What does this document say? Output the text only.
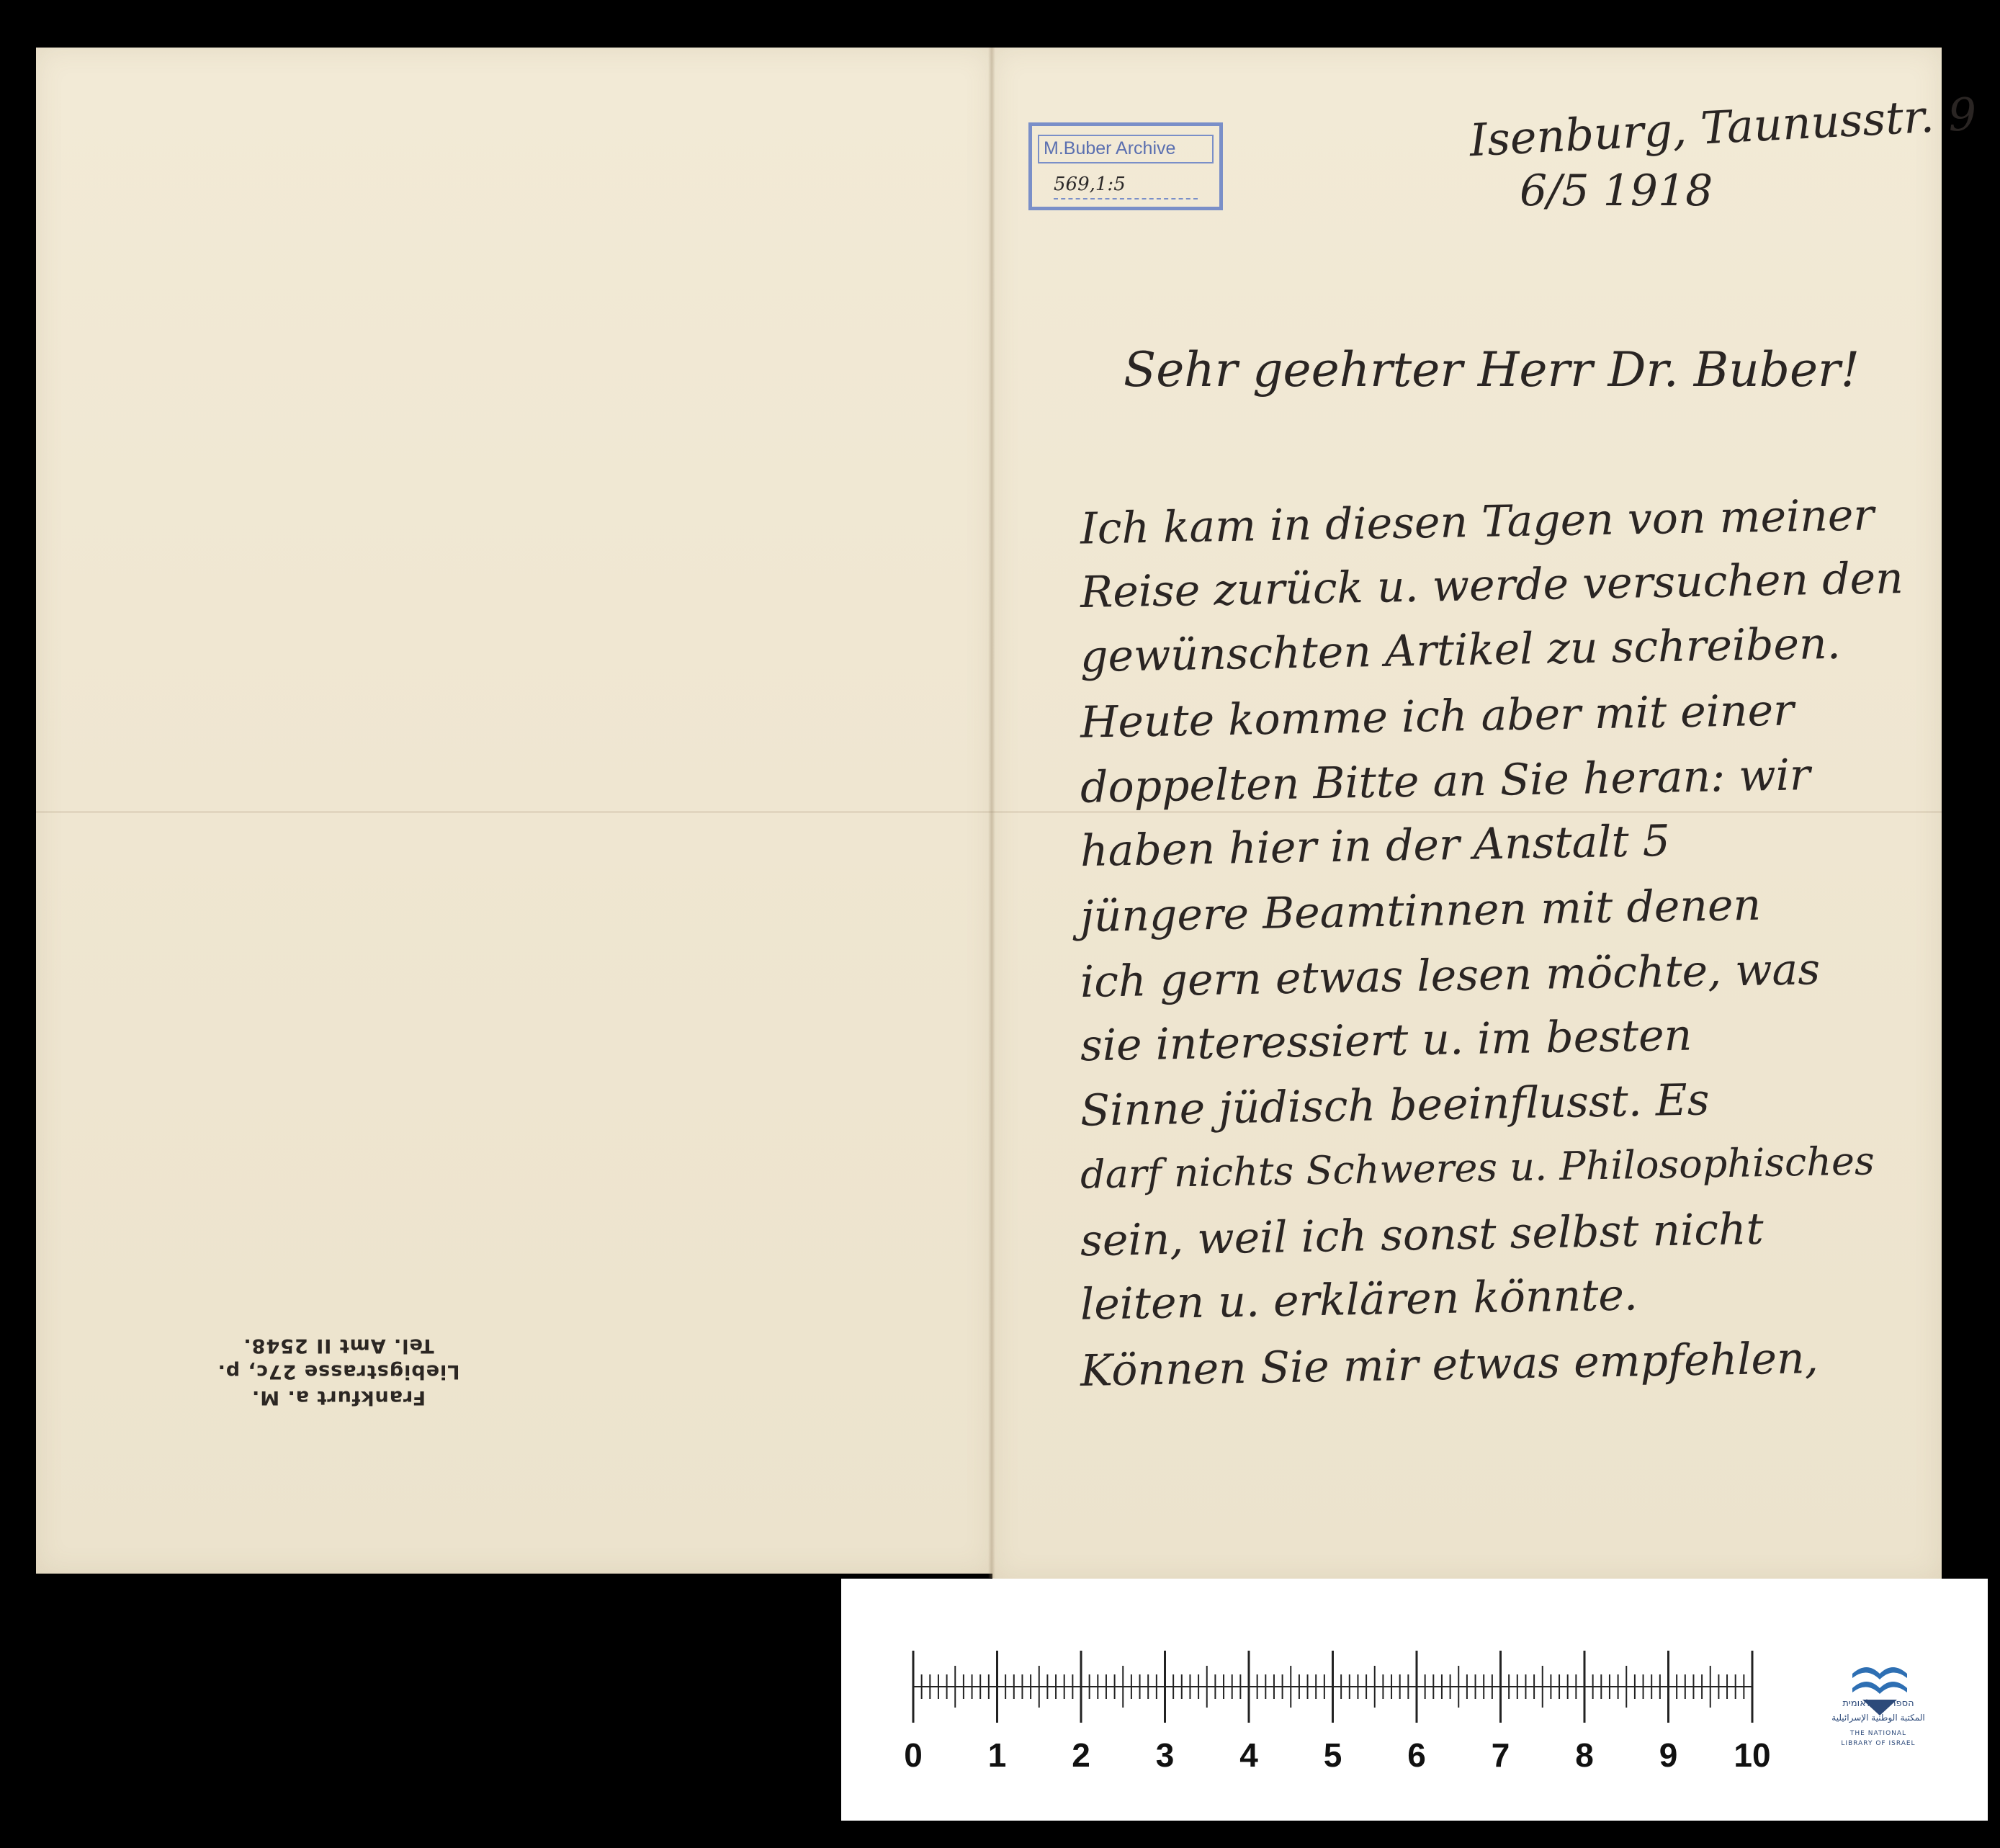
Frankfurt a. M.
Liebigstrasse 27c, p.
Tel. Amt II 2548.
M.Buber Archive
569,1:5
Isenburg, Taunusstr. 9
6/5 1918
Sehr geehrter Herr Dr. Buber!
Ich kam in diesen Tagen von meiner
Reise zurück u. werde versuchen den
gewünschten Artikel zu schreiben.
Heute komme ich aber mit einer
doppelten Bitte an Sie heran: wir
haben hier in der Anstalt 5
jüngere Beamtinnen mit denen
ich gern etwas lesen möchte, was
sie interessiert u. im besten
Sinne jüdisch beeinflusst. Es
darf nichts Schweres u. Philosophisches
sein, weil ich sonst selbst nicht
leiten u. erklären könnte.
Können Sie mir etwas empfehlen,
0	1	2	3	4	5	6	7	8	9	10
הספרייה הלאומית
المكتبة الوطنية الإسرائيلية
THE NATIONAL
LIBRARY OF ISRAEL
